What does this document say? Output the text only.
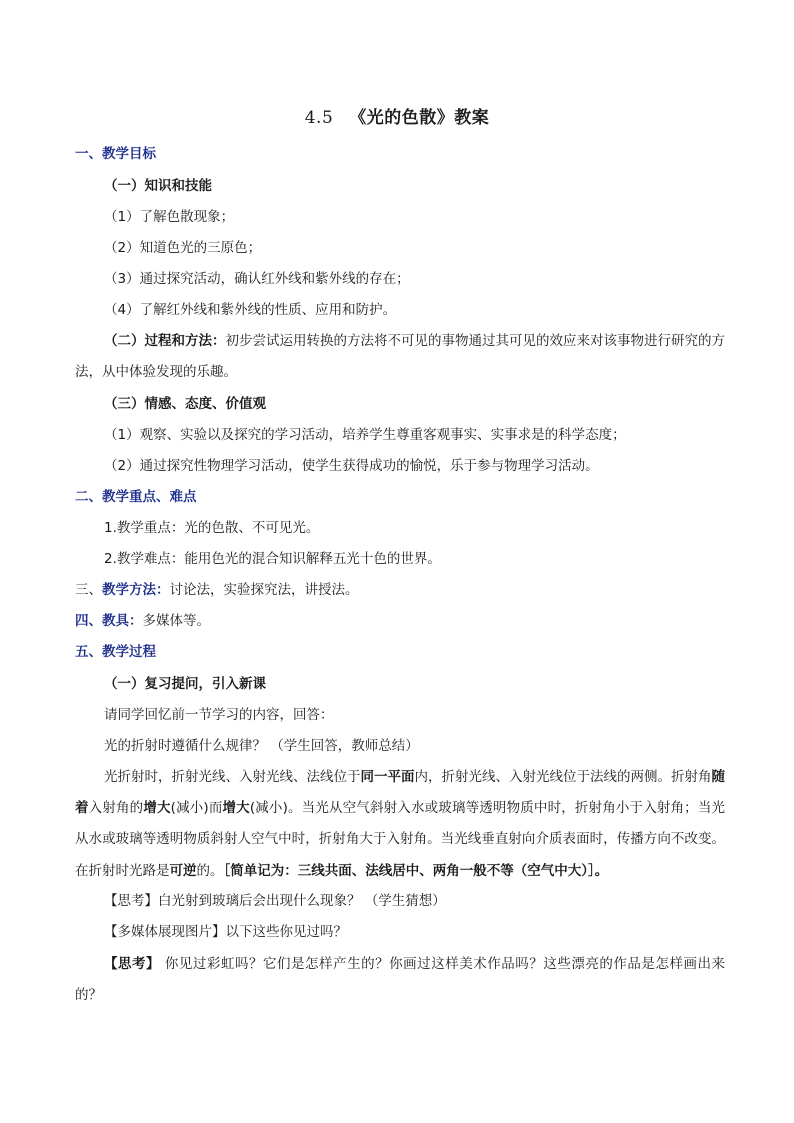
4.5 《光的色散》教案
一、教学目标
（一）知识和技能
（1）了解色散现象；
（2）知道色光的三原色；
（3）通过探究活动，确认红外线和紫外线的存在；
（4）了解红外线和紫外线的性质、应用和防护。
（二）过程和方法：初步尝试运用转换的方法将不可见的事物通过其可见的效应来对该事物进行研究的方法，从中体验发现的乐趣。
（三）情感、态度、价值观
（1）观察、实验以及探究的学习活动，培养学生尊重客观事实、实事求是的科学态度；
（2）通过探究性物理学习活动，使学生获得成功的愉悦，乐于参与物理学习活动。
二、教学重点、难点
1.教学重点：光的色散、不可见光。
2.教学难点：能用色光的混合知识解释五光十色的世界。
三、教学方法：讨论法，实验探究法，讲授法。
四、教具：多媒体等。
五、教学过程
（一）复习提问，引入新课
请同学回忆前一节学习的内容，回答：
光的折射时遵循什么规律？ （学生回答，教师总结）
光折射时，折射光线、入射光线、法线位于同一平面内，折射光线、入射光线位于法线的两侧。折射角随着入射角的增大(减小)而增大(减小)。当光从空气斜射入水或玻璃等透明物质中时，折射角小于入射角；当光从水或玻璃等透明物质斜射人空气中时，折射角大于入射角。当光线垂直射向介质表面时，传播方向不改变。在折射时光路是可逆的。［简单记为：三线共面、法线居中、两角一般不等（空气中大）］。
【思考】白光射到玻璃后会出现什么现象？ （学生猜想）
【多媒体展现图片】以下这些你见过吗？
【思考】 你见过彩虹吗？它们是怎样产生的？你画过这样美术作品吗？这些漂亮的作品是怎样画出来的？
